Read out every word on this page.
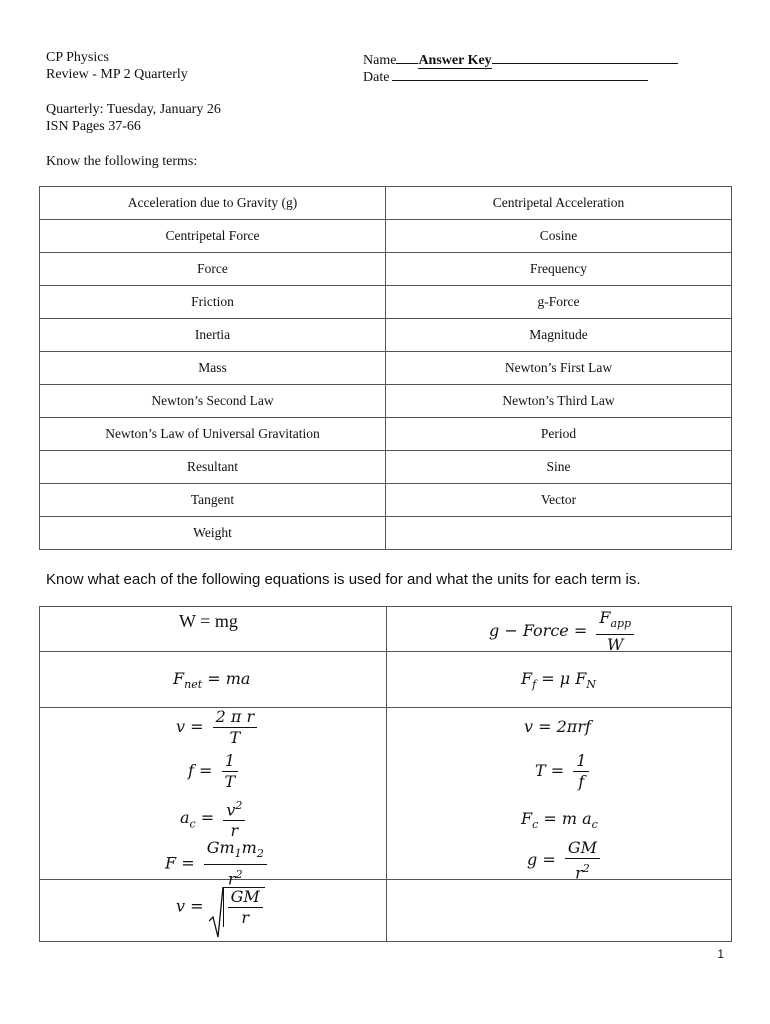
CP Physics
Review - MP 2 Quarterly
Name Answer Key
Date
Quarterly: Tuesday, January 26
ISN Pages 37-66
Know the following terms:
Acceleration due to Gravity (g)	Centripetal Acceleration
Centripetal Force	Cosine
Force	Frequency
Friction	g-Force
Inertia	Magnitude
Mass	Newton’s First Law
Newton’s Second Law	Newton’s Third Law
Newton’s Law of Universal Gravitation	Period
Resultant	Sine
Tangent	Vector
Weight	
Know what each of the following equations is used for and what the units for each term is.
W = mg	g − Force = $\frac{F_{app}}{W}$
$F_{net}$ = ma	$F_f = \mu$ $F_N$
$v = \frac{\text{2 π r}}{T}$	v = 2πrf
$f = \frac{1}{T}$	$T = \frac{1}{f}$
$a_c = \frac{v^2}{r}$	$F_c = m$ $a_c$
$F = \frac{Gm_1m_2}{r^2}$	$g = \frac{GM}{r^2}$
$v = \frac{GM}{r}$
1
